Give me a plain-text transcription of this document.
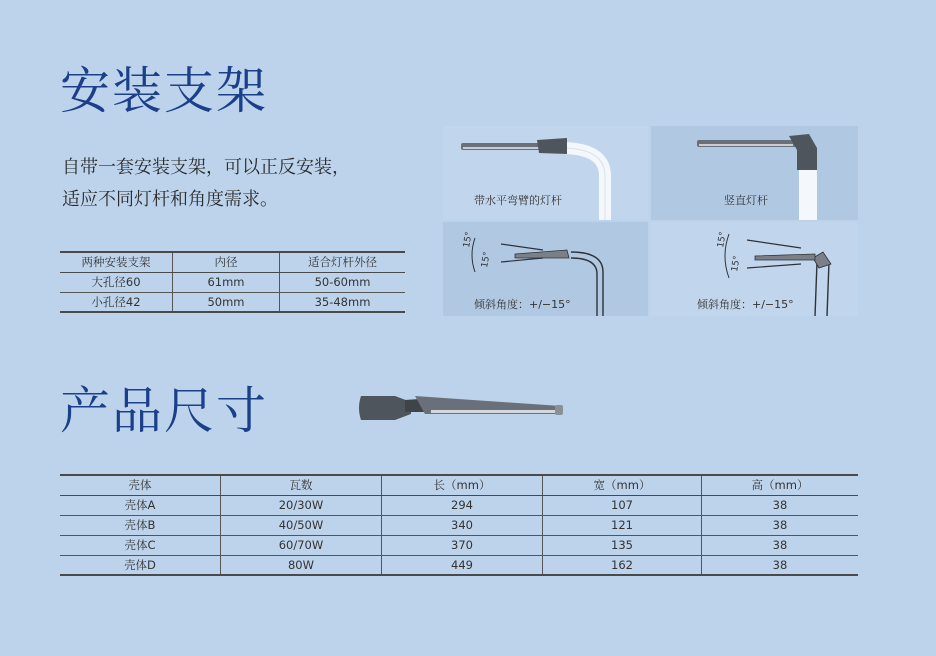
安装支架

自带一套安装支架，可以正反安装，
适应不同灯杆和角度需求。

两种安装支架	内径	适合灯杆外径
大孔径60	61mm	50-60mm
小孔径42	50mm	35-48mm
带水平弯臂的灯杆	竖直灯杆
15°
15°
倾斜角度：+/−15°
15°
15°
倾斜角度：+/−15°
产品尺寸
壳体	瓦数	长（mm）	宽（mm）	高（mm）
壳体A	20/30W	294	107	38
壳体B	40/50W	340	121	38
壳体C	60/70W	370	135	38
壳体D	80W	449	162	38
